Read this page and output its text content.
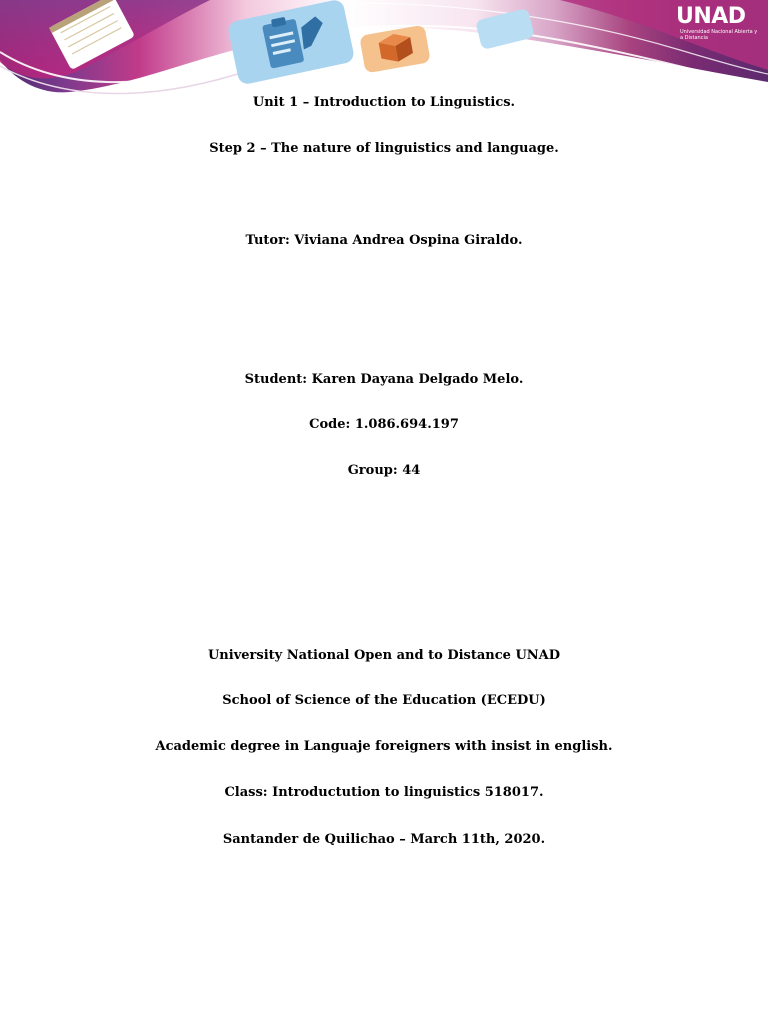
UNAD
Universidad Nacional Abierta y a Distancia
Unit 1 – Introduction to Linguistics.
Step 2 – The nature of linguistics and language.
Tutor: Viviana Andrea Ospina Giraldo.
Student: Karen Dayana Delgado Melo.
Code: 1.086.694.197
Group: 44
University National Open and to Distance UNAD
School of Science of the Education (ECEDU)
Academic degree in Languaje foreigners with insist in english.
Class: Introductution to linguistics 518017.
Santander de Quilichao – March 11th, 2020.
